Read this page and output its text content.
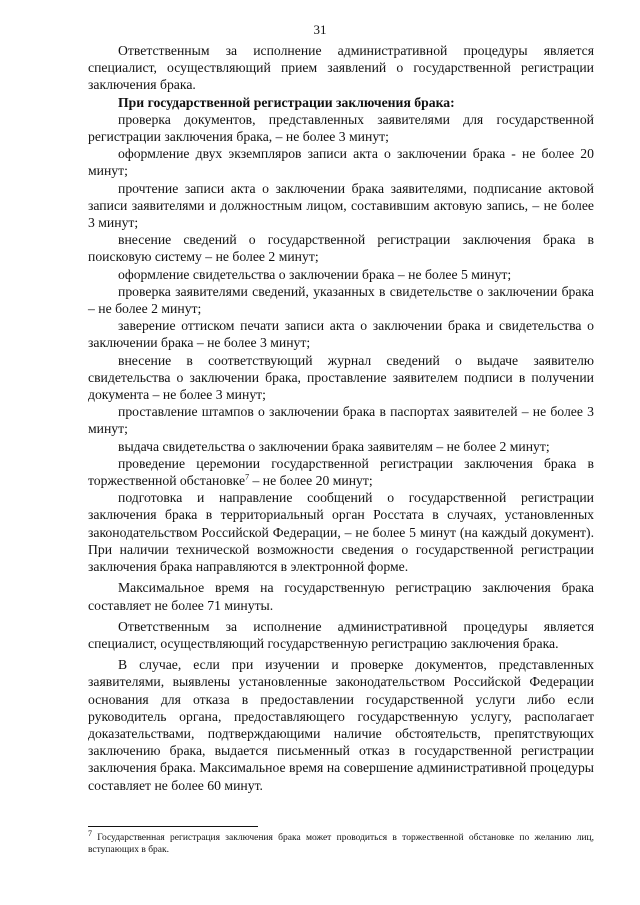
31

Ответственным за исполнение административной процедуры является специалист, осуществляющий прием заявлений о государственной регистрации заключения брака.

При государственной регистрации заключения брака:

проверка документов, представленных заявителями для государственной регистрации заключения брака, – не более 3 минут;

оформление двух экземпляров записи акта о заключении брака - не более 20 минут;

прочтение записи акта о заключении брака заявителями, подписание актовой записи заявителями и должностным лицом, составившим актовую запись, – не более 3 минут;

внесение сведений о государственной регистрации заключения брака в поисковую систему – не более 2 минут;

оформление свидетельства о заключении брака – не более 5 минут;

проверка заявителями сведений, указанных в свидетельстве о заключении брака – не более 2 минут;

заверение оттиском печати записи акта о заключении брака и свидетельства о заключении брака – не более 3 минут;

внесение в соответствующий журнал сведений о выдаче заявителю свидетельства о заключении брака, проставление заявителем подписи в получении документа – не более 3 минут;

проставление штампов о заключении брака в паспортах заявителей – не более 3 минут;

выдача свидетельства о заключении брака заявителям – не более 2 минут;

проведение церемонии государственной регистрации заключения брака в торжественной обстановке$^7$ – не более 20 минут;

подготовка и направление сообщений о государственной регистрации заключения брака в территориальный орган Росстата в случаях, установленных законодательством Российской Федерации, – не более 5 минут (на каждый документ). При наличии технической возможности сведения о государственной регистрации заключения брака направляются в электронной форме.

Максимальное время на государственную регистрацию заключения брака составляет не более 71 минуты.

Ответственным за исполнение административной процедуры является специалист, осуществляющий государственную регистрацию заключения брака.

В случае, если при изучении и проверке документов, представленных заявителями, выявлены установленные законодательством Российской Федерации основания для отказа в предоставлении государственной услуги либо если руководитель органа, предоставляющего государственную услугу, располагает доказательствами, подтверждающими наличие обстоятельств, препятствующих заключению брака, выдается письменный отказ в государственной регистрации заключения брака. Максимальное время на совершение административной процедуры составляет не более 60 минут.

$^7$ Государственная регистрация заключения брака может проводиться в торжественной обстановке по желанию лиц, вступающих в брак.
